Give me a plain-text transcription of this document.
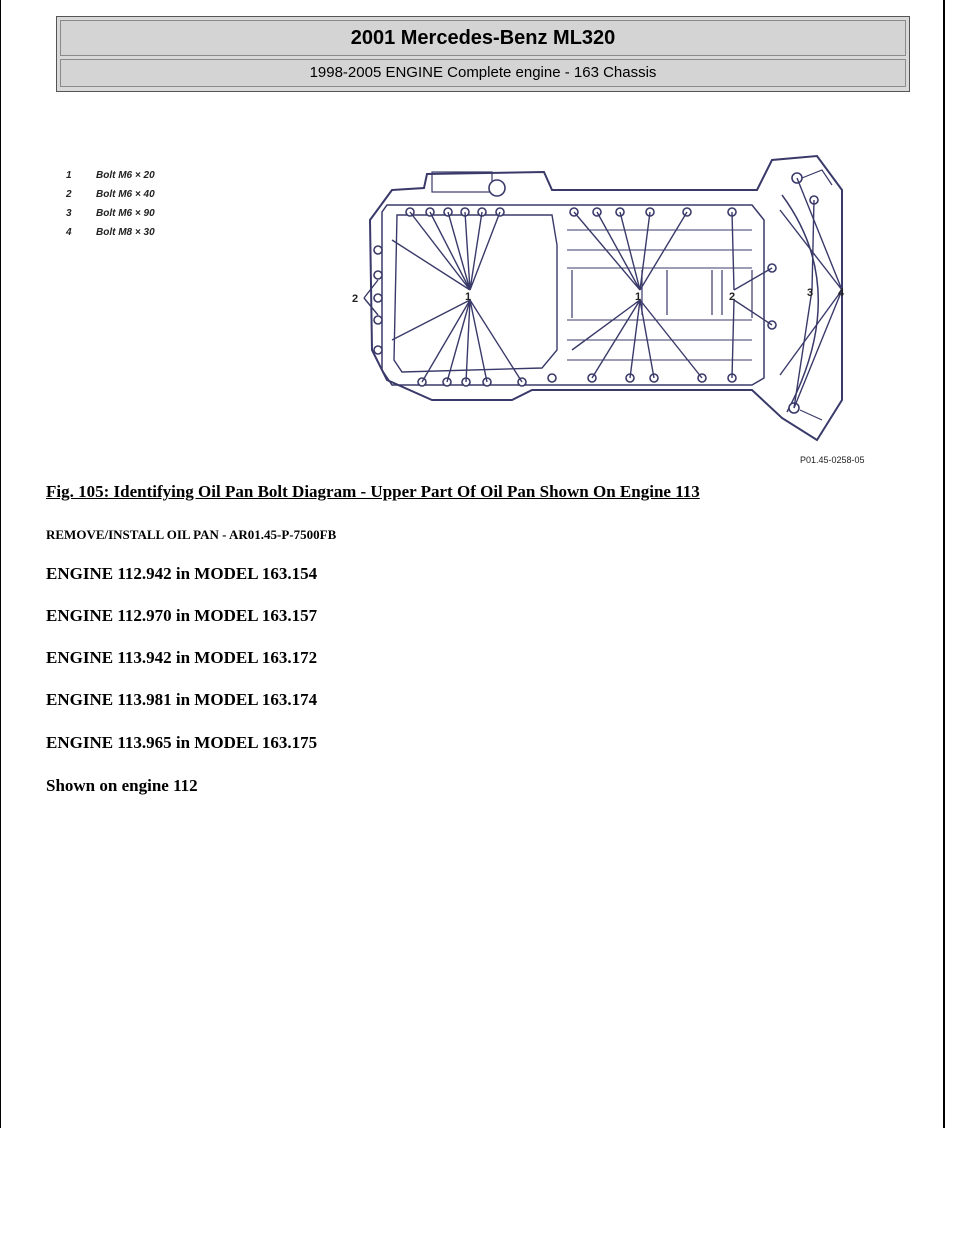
2001 Mercedes-Benz ML320
1998-2005 ENGINE Complete engine - 163 Chassis
1	Bolt M6 × 20
2	Bolt M6 × 40
3	Bolt M6 × 90
4	Bolt M8 × 30
1	1	2
2	3 4
P01.45-0258-05
Fig. 105: Identifying Oil Pan Bolt Diagram - Upper Part Of Oil Pan Shown On Engine 113
REMOVE/INSTALL OIL PAN - AR01.45-P-7500FB
ENGINE 112.942 in MODEL 163.154
ENGINE 112.970 in MODEL 163.157
ENGINE 113.942 in MODEL 163.172
ENGINE 113.981 in MODEL 163.174
ENGINE 113.965 in MODEL 163.175
Shown on engine 112
